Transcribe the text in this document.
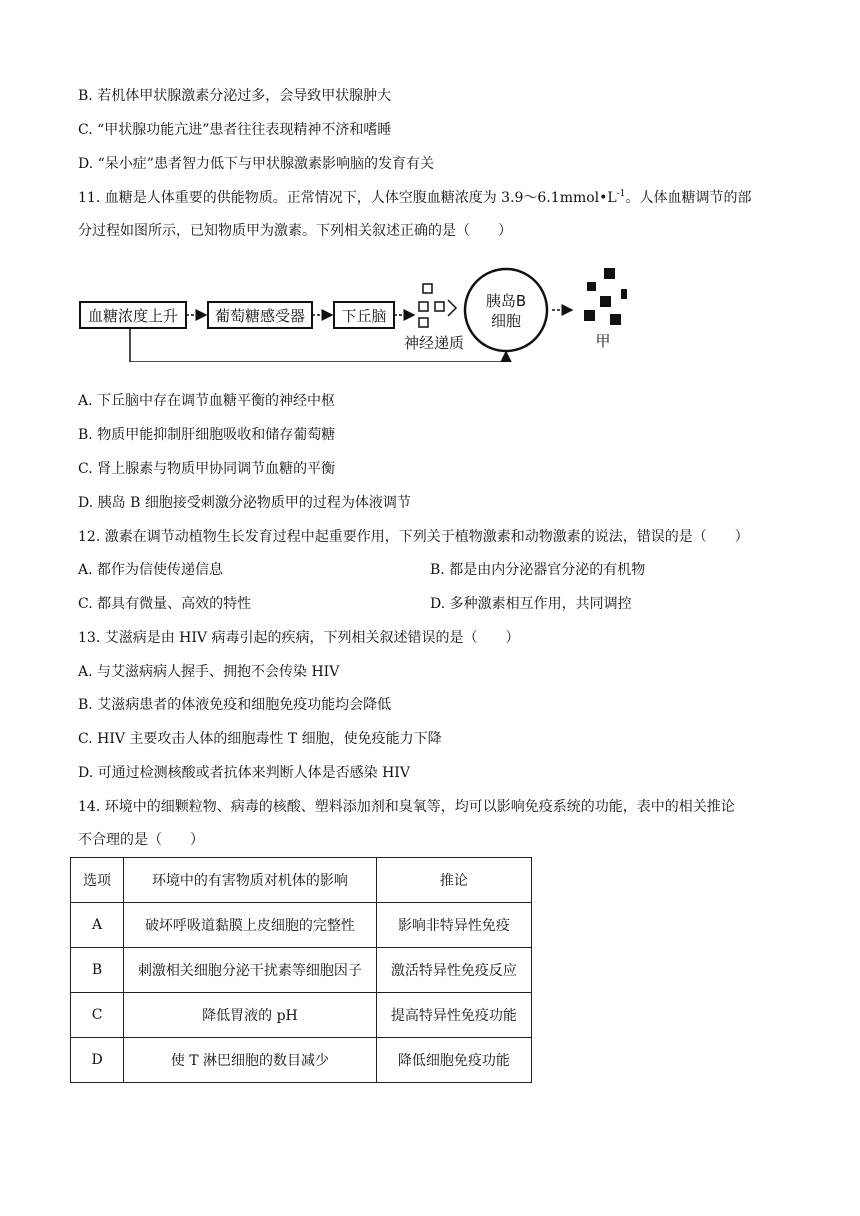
B. 若机体甲状腺激素分泌过多，会导致甲状腺肿大
C. “甲状腺功能亢进”患者往往表现精神不济和嗜睡
D. “呆小症”患者智力低下与甲状腺激素影响脑的发育有关
11. 血糖是人体重要的供能物质。正常情况下，人体空腹血糖浓度为 $3.9\sim 6.1mmol•L^{-1}$。人体血糖调节的部
分过程如图所示，已知物质甲为激素。下列相关叙述正确的是（　　）
血糖浓度上升 葡萄糖感受器 下丘脑
神经递质
胰岛B
细胞
甲
A. 下丘脑中存在调节血糖平衡的神经中枢
B. 物质甲能抑制肝细胞吸收和储存葡萄糖
C. 肾上腺素与物质甲协同调节血糖的平衡
D. 胰岛 B 细胞接受刺激分泌物质甲的过程为体液调节
12. 激素在调节动植物生长发育过程中起重要作用，下列关于植物激素和动物激素的说法，错误的是（　　）
A. 都作为信使传递信息	B. 都是由内分泌器官分泌的有机物
C. 都具有微量、高效的特性	D. 多种激素相互作用，共同调控
13. 艾滋病是由 HIV 病毒引起的疾病，下列相关叙述错误的是（　　）
A. 与艾滋病病人握手、拥抱不会传染 HIV
B. 艾滋病患者的体液免疫和细胞免疫功能均会降低
C. HIV 主要攻击人体的细胞毒性 T 细胞，使免疫能力下降
D. 可通过检测核酸或者抗体来判断人体是否感染 HIV
14. 环境中的细颗粒物、病毒的核酸、塑料添加剂和臭氧等，均可以影响免疫系统的功能，表中的相关推论
不合理的是（　　）
选项	环境中的有害物质对机体的影响	推论
A	破坏呼吸道黏膜上皮细胞的完整性	影响非特异性免疫
B	刺激相关细胞分泌干扰素等细胞因子	激活特异性免疫反应
C	降低胃液的 pH	提高特异性免疫功能
D	使 T 淋巴细胞的数目减少	降低细胞免疫功能
